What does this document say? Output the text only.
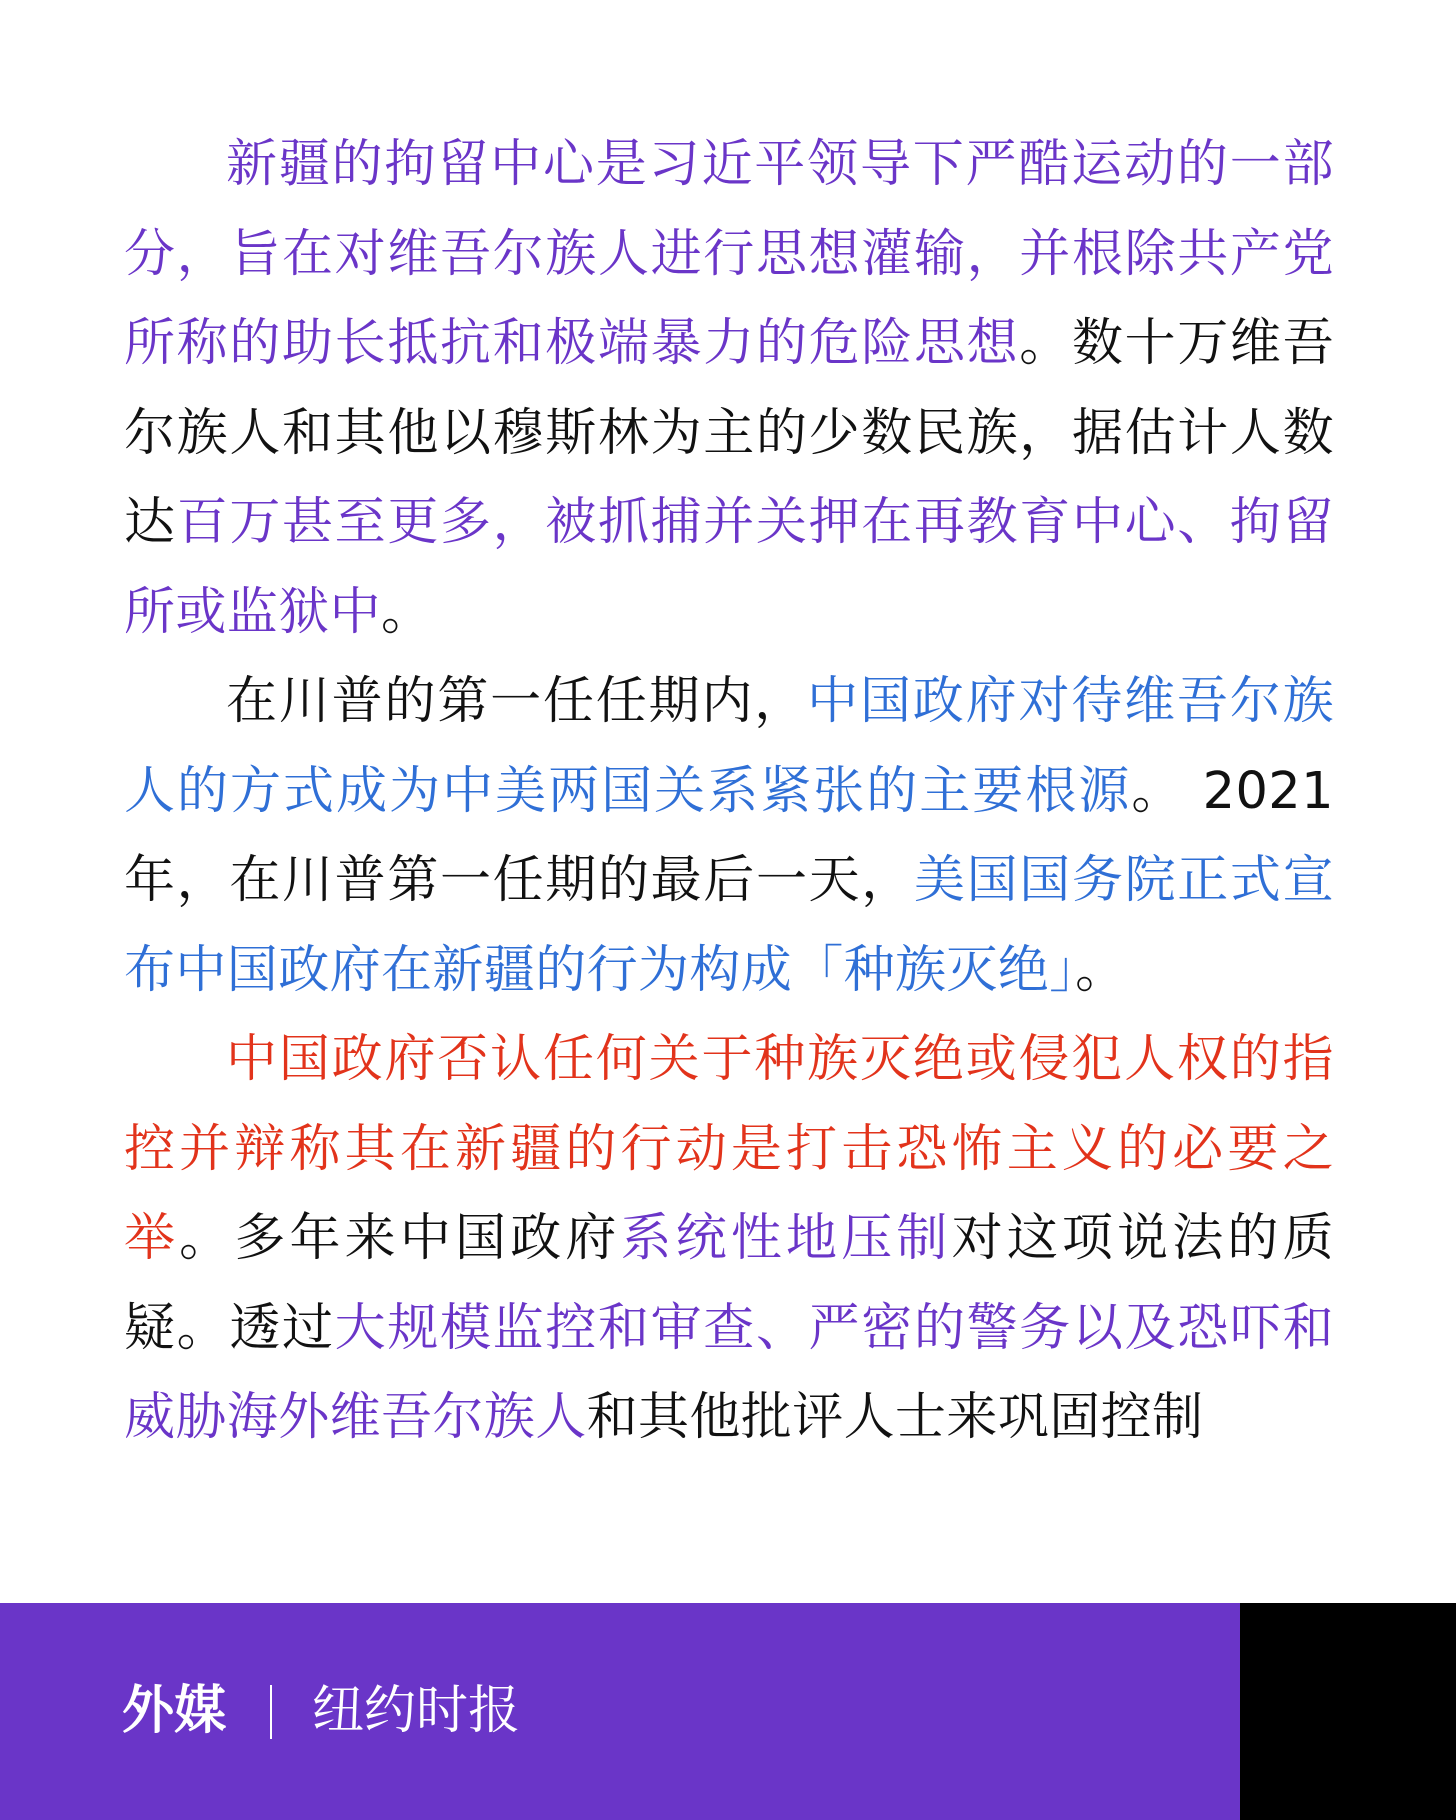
新疆的拘留中心是习近平领导下严酷运动的一部分，旨在对维吾尔族人进行思想灌输，并根除共产党所称的助长抵抗和极端暴力的危险思想。数十万维吾尔族人和其他以穆斯林为主的少数民族，据估计人数达百万甚至更多，被抓捕并关押在再教育中心、拘留所或监狱中。

在川普的第一任任期内，中国政府对待维吾尔族人的方式成为中美两国关系紧张的主要根源。 2021年，在川普第一任期的最后一天，美国国务院正式宣布中国政府在新疆的行为构成「种族灭绝」。

中国政府否认任何关于种族灭绝或侵犯人权的指控并辩称其在新疆的行动是打击恐怖主义的必要之举。多年来中国政府系统性地压制对这项说法的质疑。透过大规模监控和审查、严密的警务以及恐吓和威胁海外维吾尔族人和其他批评人士来巩固控制

外媒 纽约时报
